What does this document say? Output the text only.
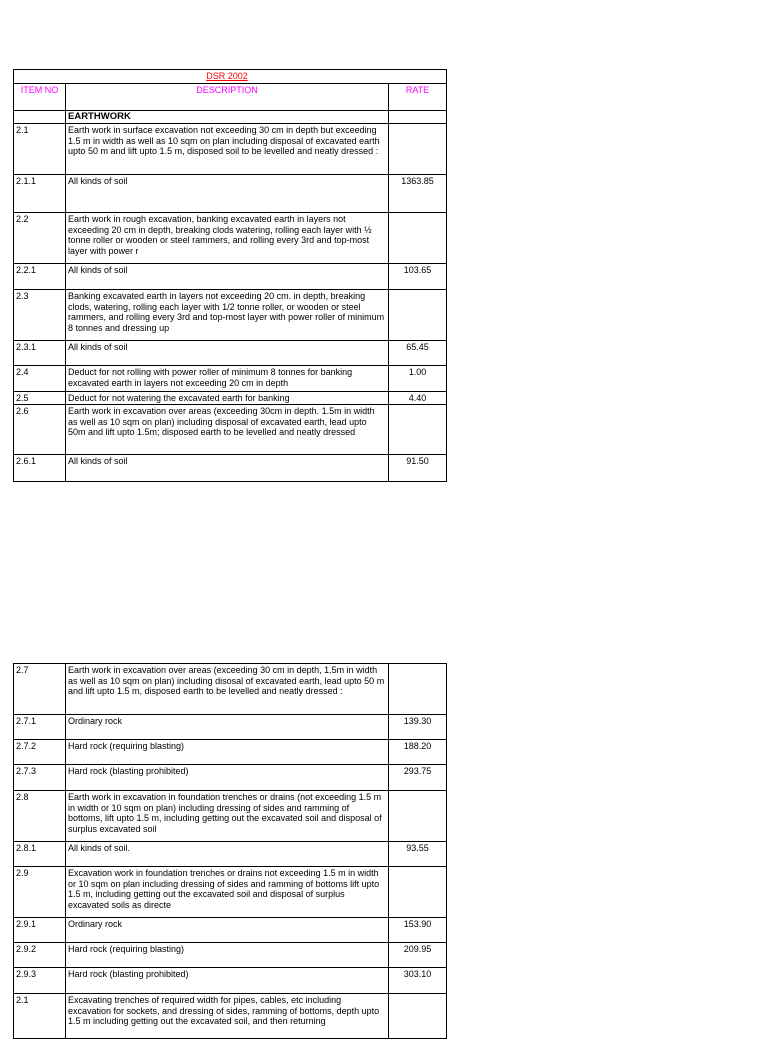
	DSR 2002	
ITEM NO	DESCRIPTION	RATE
	EARTHWORK	
2.1	Earth work in surface excavation not exceeding 30 cm in depth but exceeding 1.5 m in width as well as 10 sqm on plan including disposal of excavated earth upto 50 m and lift upto 1.5 m, disposed soil to be levelled and neatly dressed :	
2.1.1	All kinds of soil	1363.85
2.2	Earth work in rough excavation, banking excavated earth in layers not exceeding 20 cm in depth, breaking clods watering, rolling each layer with ½ tonne roller or wooden or steel rammers, and rolling every 3rd and top-most layer with power r	
2.2.1	All kinds of soil	103.65
2.3	Banking excavated earth in layers not exceeding 20 cm. in depth, breaking clods, watering, rolling each layer with 1/2 tonne roller, or wooden or steel rammers, and rolling every 3rd and top-most layer with power roller of minimum 8 tonnes and dressing up	
2.3.1	All kinds of soil	65.45
2.4	Deduct for not rolling with power roller of minimum 8 tonnes for banking excavated earth in layers not exceeding 20 cm in depth	1.00
2.5	Deduct for not watering the excavated earth for banking	4.40
2.6	Earth work in excavation over areas (exceeding 30cm in depth. 1.5m in width as well as 10 sqm on plan) including disposal of excavated earth, lead upto 50m and lift upto 1.5m; disposed earth to be levelled and neatly dressed	
2.6.1	All kinds of soil	91.50
2.7	Earth work in excavation over areas (exceeding 30 cm in depth, 1.5m in width as well as 10 sqm on plan) including disosal of excavated earth, lead upto 50 m and lift upto 1.5 m, disposed earth to be levelled and neatly dressed :	
2.7.1	Ordinary rock	139.30
2.7.2	Hard rock (requiring blasting)	188.20
2.7.3	Hard rock (blasting prohibited)	293.75
2.8	Earth work in excavation in foundation trenches or drains (not exceeding 1.5 m in width or 10 sqm on plan) including dressing of sides and ramming of bottoms, lift upto 1.5 m, including getting out the excavated soil and disposal of surplus excavated soil	
2.8.1	All kinds of soil.	93.55
2.9	Excavation work in foundation trenches or drains not exceeding 1.5 m in width or 10 sqm on plan including dressing of sides and ramming of bottoms lift upto 1.5 m, including getting out the excavated soil and disposal of surplus excavated soils as directe	
2.9.1	Ordinary rock	153.90
2.9.2	Hard rock (requiring blasting)	209.95
2.9.3	Hard rock (blasting prohibited)	303.10
2.1	Excavating trenches of required width for pipes, cables, etc including excavation for sockets, and dressing of sides, ramming of bottoms, depth upto 1.5 m including getting out the excavated soil, and then returning	
